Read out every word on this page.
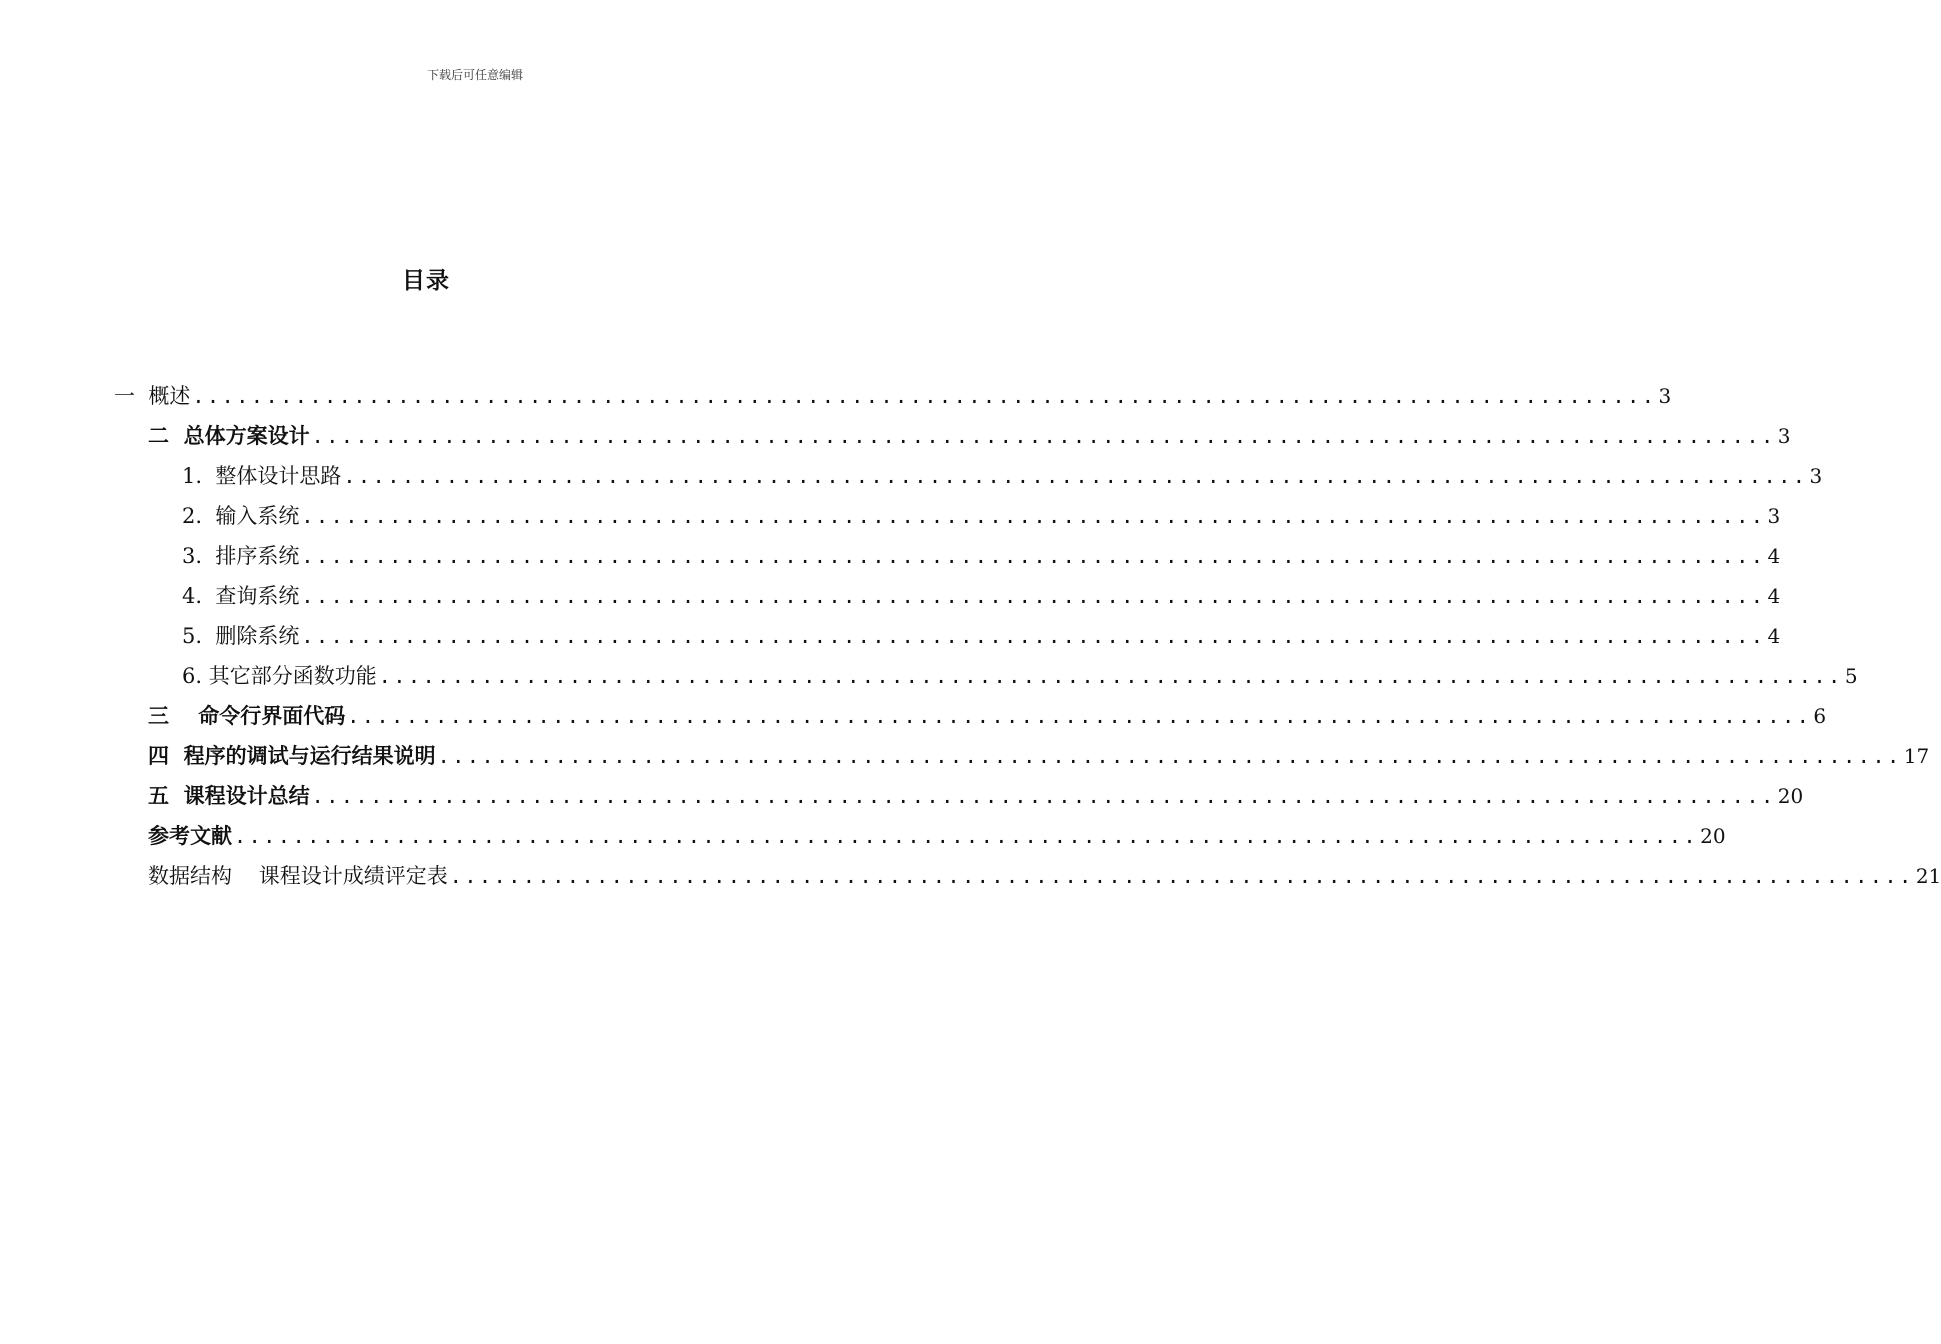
下载后可任意编辑
目录
一  概述 .................................................................................................... 3
二  总体方案设计 .................................................................................................... 3
1.  整体设计思路 .................................................................................................... 3
2.  输入系统 .................................................................................................... 3
3.  排序系统 .................................................................................................... 4
4.  查询系统 .................................................................................................... 4
5.  删除系统 .................................................................................................... 4
6. 其它部分函数功能 .................................................................................................... 5
三    命令行界面代码 .................................................................................................... 6
四  程序的调试与运行结果说明 .................................................................................................... 17
五  课程设计总结 .................................................................................................... 20
参考文献 .................................................................................................... 20
数据结构    课程设计成绩评定表 .................................................................................................... 21
